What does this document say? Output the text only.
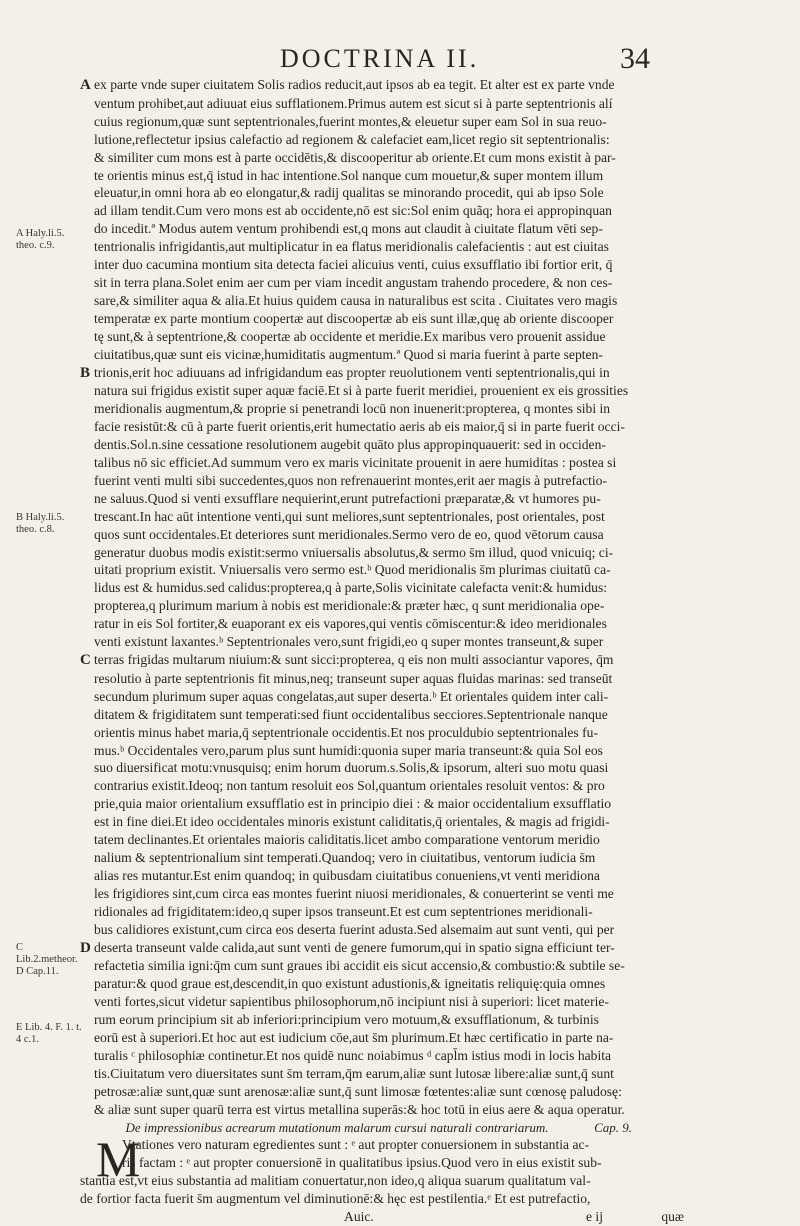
DOCTRINA II.	34
A Haly.li.5. theo. c.9.
B Haly.li.5. theo. c.8.
C Lib.2.metheor. D Cap.11.
E Lib. 4. F. 1. t. 4 c.1.
A ex parte vnde super ciuitatem Solis radios reducit,aut ipsos ab ea tegit. Et alter est ex parte vnde
ventum prohibet,aut adiuuat eius sufflationem.Primus autem est sicut si à parte septentrionis alí
cuius regionum,quæ sunt septentrionales,fuerint montes,& eleuetur super eam Sol in sua reuo-
lutione,reflectetur ipsius calefactio ad regionem & calefaciet eam,licet regio sit septentrionalis:
& similiter cum mons est à parte occidētis,& discooperitur ab oriente.Et cum mons existit à par-
te orientis minus est,q̄ istud in hac intentione.Sol nanque cum mouetur,& super montem illum
eleuatur,in omni hora ab eo elongatur,& radij qualitas se minorando procedit, qui ab ipso Sole
ad illam tendit.Cum vero mons est ab occidente,nō est sic:Sol enim quãq; hora ei appropinquan
do incedit.ª Modus autem ventum prohibendi est,q mons aut claudit à ciuitate flatum vēti sep-
tentrionalis infrigidantis,aut multiplicatur in ea flatus meridionalis calefacientis : aut est ciuitas
inter duo cacumina montium sita detecta faciei alicuius venti, cuius exsufflatio ibi fortior erit, q̄
sit in terra plana.Solet enim aer cum per viam incedit angustam trahendo procedere, & non ces-
sare,& similiter aqua & alia.Et huius quidem causa in naturalibus est scita . Ciuitates vero magis
temperatæ ex parte montium coopertæ aut discoopertæ ab eis sunt illæ,quę ab oriente discooper
tę sunt,& à septentrione,& coopertæ ab occidente et meridie.Ex maribus vero prouenit assidue
ciuitatibus,quæ sunt eis vicinæ,humiditatis augmentum.ª Quod si maria fuerint à parte septen-
B trionis,erit hoc adiuuans ad infrigidandum eas propter reuolutionem venti septentrionalis,qui in
natura sui frigidus existit super aquæ faciē.Et si à parte fuerit meridiei, prouenient ex eis grossities
meridionalis augmentum,& proprie si penetrandi locū non inuenerit:propterea, q montes sibi in
facie resistūt:& cū à parte fuerit orientis,erit humectatio aeris ab eis maior,q̄ si in parte fuerit occi-
dentis.Sol.n.sine cessatione resolutionem augebit quāto plus appropinquauerit: sed in occiden-
talibus nō sic efficiet.Ad summum vero ex maris vicinitate prouenit in aere humiditas : postea si
fuerint venti multi sibi succedentes,quos non refrenauerint montes,erit aer magis à putrefactio-
ne saluus.Quod si venti exsufflare nequierint,erunt putrefactioni præparatæ,& vt humores pu-
trescant.In hac aūt intentione venti,qui sunt meliores,sunt septentrionales, post orientales, post
quos sunt occidentales.Et deteriores sunt meridionales.Sermo vero de eo, quod vētorum causa
generatur duobus modis existit:sermo vniuersalis absolutus,& sermo s̄m illud, quod vnicuiq; ci-
uitati proprium existit. Vniuersalis vero sermo est.ᵇ Quod meridionalis s̄m plurimas ciuitatū ca-
lidus est & humidus.sed calidus:propterea,q à parte,Solis vicinitate calefacta venit:& humidus:
propterea,q plurimum marium à nobis est meridionale:& præter hæc, q sunt meridionalia ope-
ratur in eis Sol fortiter,& euaporant ex eis vapores,qui ventis cōmiscentur:& ideo meridionales
venti existunt laxantes.ᵇ Septentrionales vero,sunt frigidi,eo q super montes transeunt,& super
C terras frigidas multarum niuium:& sunt sicci:propterea, q eis non multi associantur vapores, q̄m
resolutio à parte septentrionis fit minus,neq; transeunt super aquas fluidas marinas: sed transeūt
secundum plurimum super aquas congelatas,aut super deserta.ᵇ Et orientales quidem inter cali-
ditatem & frigiditatem sunt temperati:sed fiunt occidentalibus secciores.Septentrionale nanque
orientis minus habet maria,q̄ septentrionale occidentis.Et nos proculdubio septentrionales fu-
mus.ᵇ Occidentales vero,parum plus sunt humidi:quonia super maria transeunt:& quia Sol eos
suo diuersificat motu:vnusquisq; enim horum duorum.s.Solis,& ipsorum, alteri suo motu quasi
contrarius existit.Ideoq; non tantum resoluit eos Sol,quantum orientales resoluit ventos: & pro
prie,quia maior orientalium exsufflatio est in principio diei : & maior occidentalium exsufflatio
est in fine diei.Et ideo occidentales minoris existunt caliditatis,q̄ orientales, & magis ad frigidi-
tatem declinantes.Et orientales maioris caliditatis.licet ambo comparatione ventorum meridio
nalium & septentrionalium sint temperati.Quandoq; vero in ciuitatibus, ventorum iudicia s̄m
alias res mutantur.Est enim quandoq; in quibusdam ciuitatibus conueniens,vt venti meridiona
les frigidiores sint,cum circa eas montes fuerint niuosi meridionales, & conuerterint se venti me
ridionales ad frigiditatem:ideo,q super ipsos transeunt.Et est cum septentriones meridionali-
bus calidiores existunt,cum circa eos deserta fuerint adusta.Sed alsemaim aut sunt venti, qui per
D deserta transeunt valde calida,aut sunt venti de genere fumorum,qui in spatio signa efficiunt ter-
refactetia similia igni:q̄m cum sunt graues ibi accidit eis sicut accensio,& combustio:& subtile se-
paratur:& quod graue est,descendit,in quo existunt adustionis,& igneitatis reliquię:quia omnes
venti fortes,sicut videtur sapientibus philosophorum,nō incipiunt nisi à superiori: licet materie-
rum eorum principium sit ab inferiori:principium vero motuum,& exsufflationum, & turbinis
eorū est à superiori.Et hoc aut est iudicium cōe,aut s̄m plurimum.Et hæc certificatio in parte na-
turalis ᶜ philosophiæ continetur.Et nos quidē nunc noiabimus ᵈ capl̄m istius modi in locis habita
tis.Ciuitatum vero diuersitates sunt s̄m terram,q̄m earum,aliæ sunt lutosæ libere:aliæ sunt,q̄ sunt
petrosæ:aliæ sunt,quæ sunt arenosæ:aliæ sunt,q̄ sunt limosæ fœtentes:aliæ sunt cœnosę paludosę:
& aliæ sunt super quarū terra est virtus metallina superās:& hoc totū in eius aere & aqua operatur.
De impressionibus acrearum mutationum malarum cursui naturali contrariarum.	Cap. 9.
M
Vtationes vero naturam egredientes sunt : ᵉ aut propter conuersionem in substantia ac-
ris factam : ᵉ aut propter conuersionē in qualitatibus ipsius.Quod vero in eius existit sub-
stantia est,vt eius substantia ad malitiam conuertatur,non ideo,q aliqua suarum qualitatum val-
de fortior facta fuerit s̄m augmentum vel diminutionē:& hęc est pestilentia.ᵉ Et est putrefactio,
Auic.	e ij	quæ
